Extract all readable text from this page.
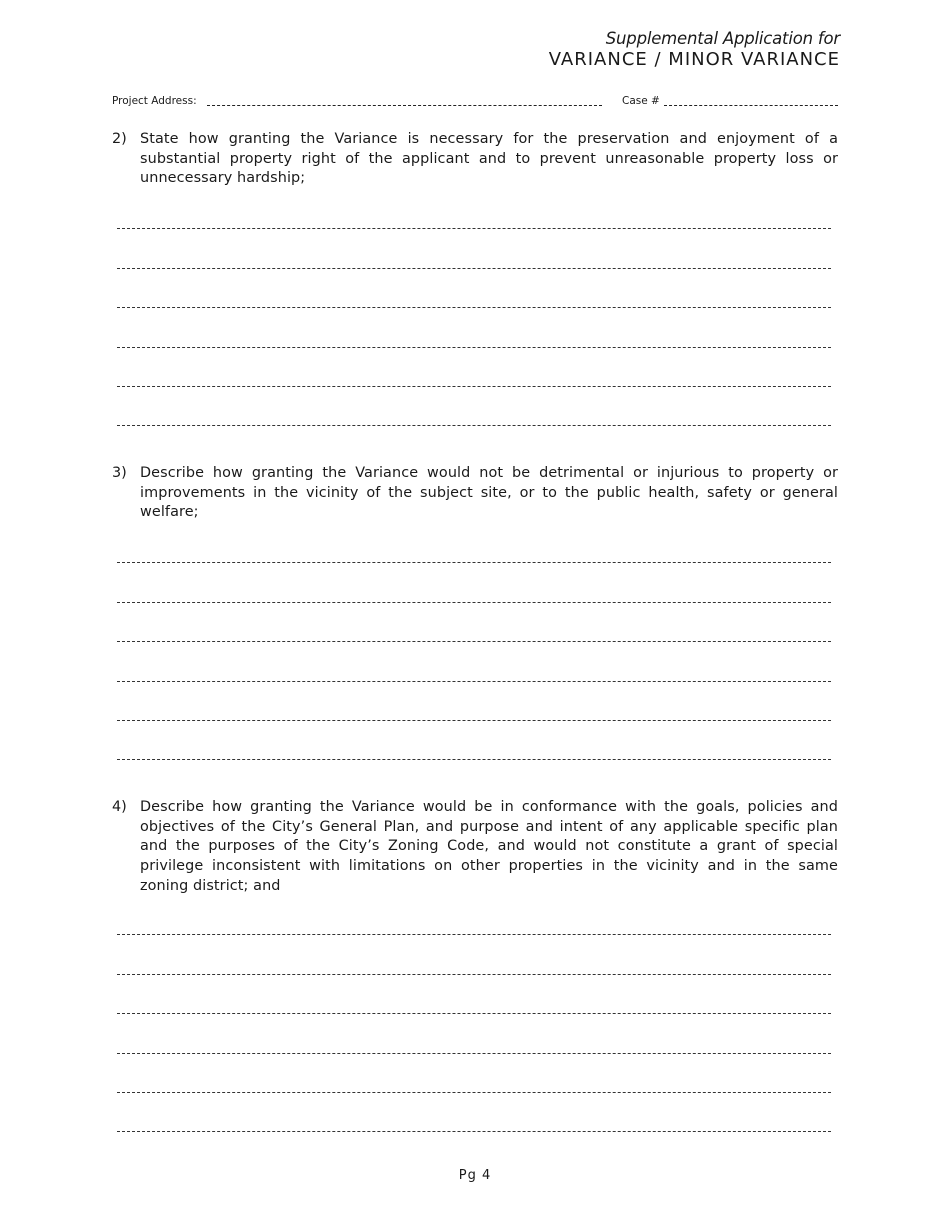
Supplemental Application for
VARIANCE / MINOR VARIANCE
Project Address:	Case #
2) State how granting the Variance is necessary for the preservation and enjoyment of a substantial property right of the applicant and to prevent unreasonable property loss or unnecessary hardship;

3) Describe how granting the Variance would not be detrimental or injurious to property or improvements in the vicinity of the subject site, or to the public health, safety or general welfare;

4) Describe how granting the Variance would be in conformance with the goals, policies and objectives of the City’s General Plan, and purpose and intent of any applicable specific plan and the purposes of the City’s Zoning Code, and would not constitute a grant of special privilege inconsistent with limitations on other properties in the vicinity and in the same zoning district; and

Pg 4
